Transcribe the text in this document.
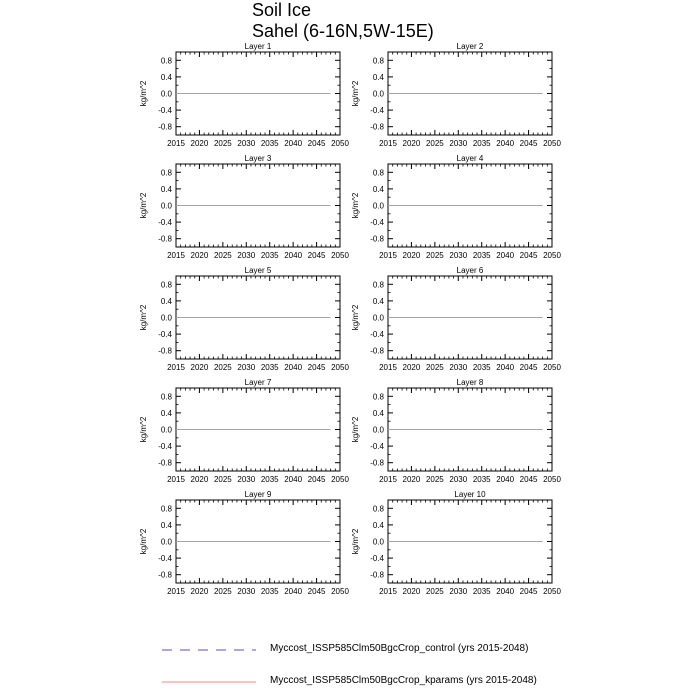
Soil Ice
Sahel (6-16N,5W-15E)
Layer 1
2015 2020 2025 2030 2035 2040 2045 2050
0.8
0.4
0.0
-0.4
-0.8
kg/m^2
Layer 2
2015 2020 2025 2030 2035 2040 2045 2050
0.8
0.4
0.0
-0.4
-0.8
kg/m^2
Layer 3
2015 2020 2025 2030 2035 2040 2045 2050
0.8
0.4
0.0
-0.4
-0.8
kg/m^2
Layer 4
2015 2020 2025 2030 2035 2040 2045 2050
0.8
0.4
0.0
-0.4
-0.8
kg/m^2
Layer 5
2015 2020 2025 2030 2035 2040 2045 2050
0.8
0.4
0.0
-0.4
-0.8
kg/m^2
Layer 6
2015 2020 2025 2030 2035 2040 2045 2050
0.8
0.4
0.0
-0.4
-0.8
kg/m^2
Layer 7
2015 2020 2025 2030 2035 2040 2045 2050
0.8
0.4
0.0
-0.4
-0.8
kg/m^2
Layer 8
2015 2020 2025 2030 2035 2040 2045 2050
0.8
0.4
0.0
-0.4
-0.8
kg/m^2
Layer 9
2015 2020 2025 2030 2035 2040 2045 2050
0.8
0.4
0.0
-0.4
-0.8
kg/m^2
Layer 10
2015 2020 2025 2030 2035 2040 2045 2050
0.8
0.4
0.0
-0.4
-0.8
kg/m^2
Myccost_ISSP585Clm50BgcCrop_control (yrs 2015-2048)
Myccost_ISSP585Clm50BgcCrop_kparams (yrs 2015-2048)
